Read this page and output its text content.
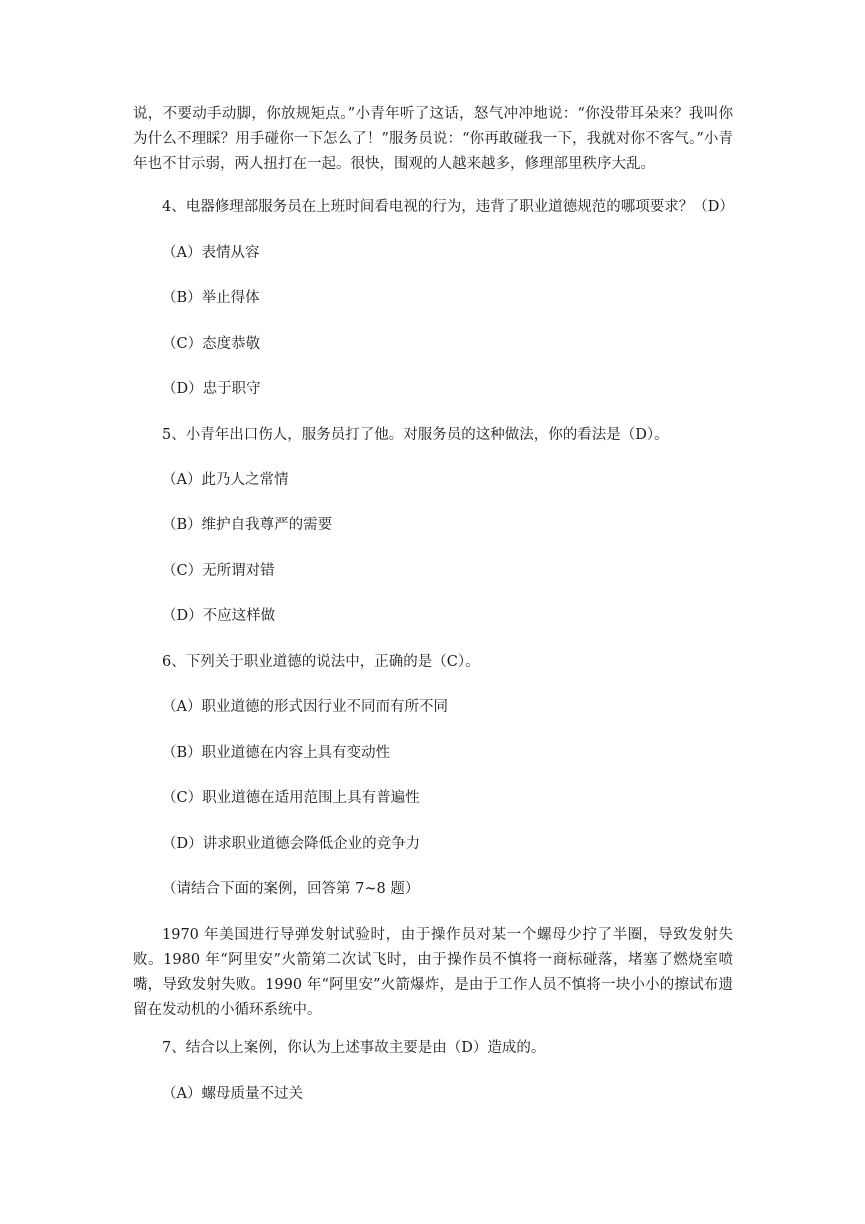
说，不要动手动脚，你放规矩点。”小青年听了这话，怒气冲冲地说：“你没带耳朵来？我叫你为什么不理睬？用手碰你一下怎么了！”服务员说：“你再敢碰我一下，我就对你不客气。”小青年也不甘示弱，两人扭打在一起。很快，围观的人越来越多，修理部里秩序大乱。

4、电器修理部服务员在上班时间看电视的行为，违背了职业道德规范的哪项要求？（D）

（A）表情从容

（B）举止得体

（C）态度恭敬

（D）忠于职守

5、小青年出口伤人，服务员打了他。对服务员的这种做法，你的看法是（D）。

（A）此乃人之常情

（B）维护自我尊严的需要

（C）无所谓对错

（D）不应这样做

6、下列关于职业道德的说法中，正确的是（C）。

（A）职业道德的形式因行业不同而有所不同

（B）职业道德在内容上具有变动性

（C）职业道德在适用范围上具有普遍性

（D）讲求职业道德会降低企业的竞争力

（请结合下面的案例，回答第 7~8 题）

1970 年美国进行导弹发射试验时，由于操作员对某一个螺母少拧了半圈，导致发射失败。1980 年“阿里安”火箭第二次试飞时，由于操作员不慎将一商标碰落，堵塞了燃烧室喷嘴，导致发射失败。1990 年“阿里安”火箭爆炸，是由于工作人员不慎将一块小小的擦试布遗留在发动机的小循环系统中。

7、结合以上案例，你认为上述事故主要是由（D）造成的。

（A）螺母质量不过关
